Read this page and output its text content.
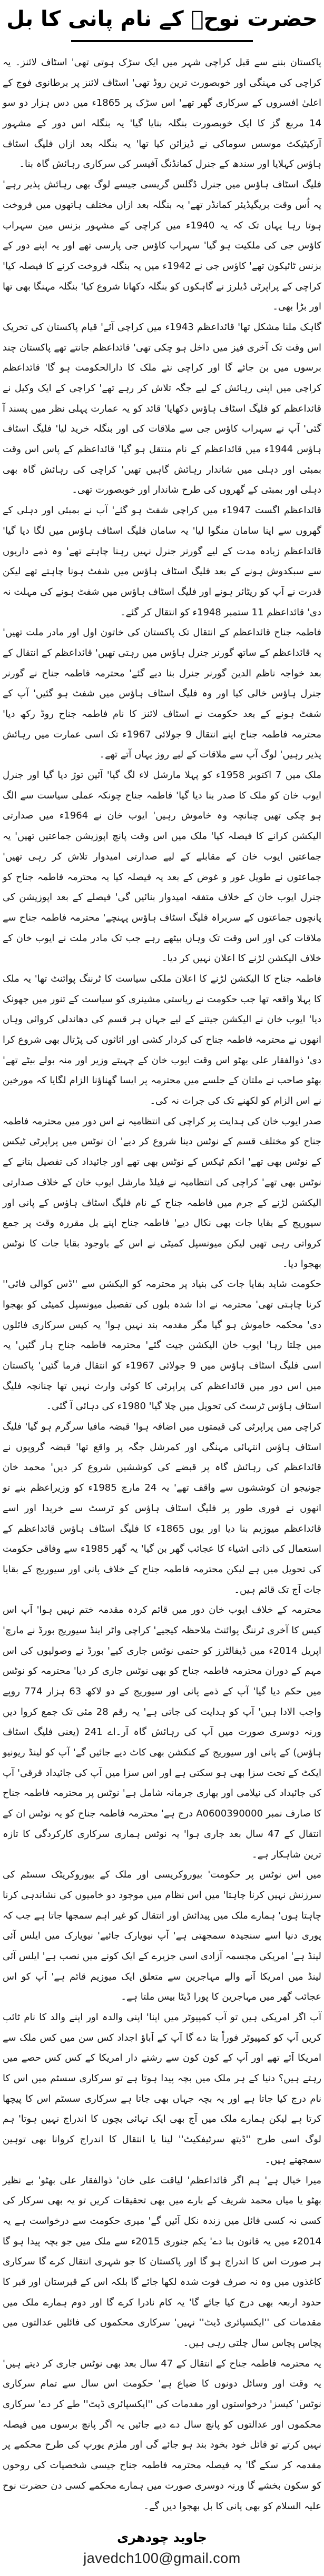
حضرت نوحؑ کے نام پانی کا بل

پاکستان بننے سے قبل کراچی شہر میں ایک سڑک ہوتی تھی' اسٹاف لائنز۔ یہ کراچی کی مہنگی اور خوبصورت ترین روڈ تھی' اسٹاف لائنز پر برطانوی فوج کے اعلیٰ افسروں کے سرکاری گھر تھے' اس سڑک پر 1865ء میں دس ہزار دو سو 14 مربع گز کا ایک خوبصورت بنگلہ بنایا گیا' یہ بنگلہ اس دور کے مشہور آرکیٹیکٹ موسس سوماکی نے ڈیزائن کیا تھا' یہ بنگلہ بعد ازاں فلیگ اسٹاف ہاؤس کہلایا اور سندھ کے جنرل کمانڈنگ آفیسر کی سرکاری رہائش گاہ بنا۔

فلیگ اسٹاف ہاؤس میں جنرل ڈگلس گریسی جیسے لوگ بھی رہائش پذیر رہے' یہ اُس وقت بریگیڈیئر کمانڈر تھے' یہ بنگلہ بعد ازاں مختلف ہاتھوں میں فروخت ہوتا رہا یہاں تک کہ یہ 1940ء میں کراچی کے مشہور بزنس مین سہراب کاؤس جی کی ملکیت ہو گیا' سہراب کاؤس جی پارسی تھے اور یہ اپنے دور کے بزنس ٹائیکون تھے' کاؤس جی نے 1942ء میں یہ بنگلہ فروخت کرنے کا فیصلہ کیا' کراچی کے پراپرٹی ڈیلرز نے گاہکوں کو بنگلہ دکھانا شروع کیا' بنگلہ مہنگا بھی تھا اور بڑا بھی۔

گاہک ملنا مشکل تھا' قائداعظم 1943ء میں کراچی آئے' قیام پاکستان کی تحریک اس وقت تک آخری فیز میں داخل ہو چکی تھی' قائداعظم جانتے تھے پاکستان چند برسوں میں بن جائے گا اور کراچی نئے ملک کا دارالحکومت ہو گا' قائداعظم کراچی میں اپنی رہائش کے لیے جگہ تلاش کر رہے تھے' کراچی کے ایک وکیل نے قائداعظم کو فلیگ اسٹاف ہاؤس دکھایا' قائد کو یہ عمارت پہلی نظر میں پسند آ گئی' آپ نے سہراب کاؤس جی سے ملاقات کی اور بنگلہ خرید لیا' فلیگ اسٹاف ہاؤس 1944ء میں قائداعظم کے نام منتقل ہو گیا' قائداعظم کے پاس اس وقت بمبئی اور دہلی میں شاندار رہائش گاہیں تھیں' کراچی کی رہائش گاہ بھی دہلی اور بمبئی کے گھروں کی طرح شاندار اور خوبصورت تھی۔

قائداعظم اگست 1947ء میں کراچی شفٹ ہو گئے' آپ نے بمبئی اور دہلی کے گھروں سے اپنا سامان منگوا لیا' یہ سامان فلیگ اسٹاف ہاؤس میں لگا دیا گیا' قائداعظم زیادہ مدت کے لیے گورنر جنرل نہیں رہنا چاہتے تھے' وہ ذمے داریوں سے سبکدوش ہونے کے بعد فلیگ اسٹاف ہاؤس میں شفٹ ہونا چاہتے تھے لیکن قدرت نے آپ کو ریٹائر ہونے اور فلیگ اسٹاف ہاؤس میں شفٹ ہونے کی مہلت نہ دی' قائداعظم 11 ستمبر 1948ء کو انتقال کر گئے۔

فاطمہ جناح قائداعظم کے انتقال تک پاکستان کی خاتون اول اور مادر ملت تھیں' یہ قائداعظم کے ساتھ گورنر جنرل ہاؤس میں رہتی تھیں' قائداعظم کے انتقال کے بعد خواجہ ناظم الدین گورنر جنرل بنا دیے گئے' محترمہ فاطمہ جناح نے گورنر جنرل ہاؤس خالی کیا اور وہ فلیگ اسٹاف ہاؤس میں شفٹ ہو گئیں' آپ کے شفٹ ہونے کے بعد حکومت نے اسٹاف لائنز کا نام فاطمہ جناح روڈ رکھ دیا' محترمہ فاطمہ جناح اپنے انتقال 9 جولائی 1967ء تک اسی عمارت میں رہائش پذیر رہیں' لوگ آپ سے ملاقات کے لیے روز یہاں آتے تھے۔

ملک میں 7 اکتوبر 1958ء کو پہلا مارشل لاء لگ گیا' آئین توڑ دیا گیا اور جنرل ایوب خان کو ملک کا صدر بنا دیا گیا' فاطمہ جناح چونکہ عملی سیاست سے الگ ہو چکی تھیں چنانچہ وہ خاموش رہیں' ایوب خان نے 1964ء میں صدارتی الیکشن کرانے کا فیصلہ کیا' ملک میں اس وقت پانچ اپوزیشن جماعتیں تھیں' یہ جماعتیں ایوب خان کے مقابلے کے لیے صدارتی امیدوار تلاش کر رہی تھیں' جماعتوں نے طویل غور و غوض کے بعد یہ فیصلہ کیا یہ محترمہ فاطمہ جناح کو جنرل ایوب خان کے خلاف متفقہ امیدوار بنائیں گی' فیصلے کے بعد اپوزیشن کی پانچوں جماعتوں کے سربراہ فلیگ اسٹاف ہاؤس پہنچے' محترمہ فاطمہ جناح سے ملاقات کی اور اس وقت تک وہاں بیٹھے رہے جب تک مادر ملت نے ایوب خان کے خلاف الیکشن لڑنے کا اعلان نہیں کر دیا۔

فاطمہ جناح کا الیکشن لڑنے کا اعلان ملکی سیاست کا ٹرننگ پوائنٹ تھا' یہ ملک کا پہلا واقعہ تھا جب حکومت نے ریاستی مشینری کو سیاست کے تنور میں جھونک دیا' ایوب خان نے الیکشن جیتنے کے لیے جہاں ہر قسم کی دھاندلی کروائی وہاں انھوں نے محترمہ فاطمہ جناح کی کردار کشی اور اثاثوں کی پڑتال بھی شروع کرا دی' ذوالفقار علی بھٹو اس وقت ایوب خان کے چہیتے وزیر اور منہ بولے بیٹے تھے' بھٹو صاحب نے ملتان کے جلسے میں محترمہ پر ایسا گھناؤنا الزام لگایا کہ مورخین نے اس الزام کو لکھنے تک کی جرات نہ کی۔

صدر ایوب خان کی ہدایت پر کراچی کی انتظامیہ نے اس دور میں محترمہ فاطمہ جناح کو مختلف قسم کے نوٹس دینا شروع کر دیے' ان نوٹس میں پراپرٹی ٹیکس کے نوٹس بھی تھے' انکم ٹیکس کے نوٹس بھی تھے اور جائیداد کی تفصیل بتانے کے نوٹس بھی تھے' کراچی کی انتظامیہ نے فیلڈ مارشل ایوب خان کے خلاف صدارتی الیکشن لڑنے کے جرم میں فاطمہ جناح کے نام فلیگ اسٹاف ہاؤس کے پانی اور سیوریج کے بقایا جات بھی نکال دیے' فاطمہ جناح اپنے بل مقررہ وقت پر جمع کرواتی رہی تھیں لیکن میونسپل کمیٹی نے اس کے باوجود بقایا جات کا نوٹس بھجوا دیا۔

حکومت شاید بقایا جات کی بنیاد پر محترمہ کو الیکشن سے ''ڈس کوالی فائی'' کرنا چاہتی تھی' محترمہ نے ادا شدہ بلوں کی تفصیل میونسپل کمیٹی کو بھجوا دی' محکمہ خاموش ہو گیا مگر مقدمہ بند نہیں ہوا' یہ کیس سرکاری فائلوں میں چلتا رہا' ایوب خان الیکشن جیت گئے' محترمہ فاطمہ جناح ہار گئیں' یہ اسی فلیگ اسٹاف ہاؤس میں 9 جولائی 1967ء کو انتقال فرما گئیں' پاکستان میں اس دور میں قائداعظم کی پراپرٹی کا کوئی وارث نہیں تھا چنانچہ فلیگ اسٹاف ہاؤس ٹرسٹ کی تحویل میں چلا گیا' 1980ء کی دہائی آ گئی۔

کراچی میں پراپرٹی کی قیمتوں میں اضافہ ہوا' قبضہ مافیا سرگرم ہو گیا' فلیگ اسٹاف ہاؤس انتہائی مہنگی اور کمرشل جگہ پر واقع تھا' قبضہ گروپوں نے قائداعظم کی رہائش گاہ پر قبضے کی کوششیں شروع کر دیں' محمد خان جونیجو ان کوششوں سے واقف تھے' یہ 24 مارچ 1985ء کو وزیراعظم بنے تو انھوں نے فوری طور پر فلیگ اسٹاف ہاؤس کو ٹرسٹ سے خریدا اور اسے قائداعظم میوزیم بنا دیا اور یوں 1865ء کا فلیگ اسٹاف ہاؤس قائداعظم کے استعمال کی ذاتی اشیاء کا عجائب گھر بن گیا' یہ گھر 1985ء سے وفاقی حکومت کی تحویل میں ہے لیکن محترمہ فاطمہ جناح کے خلاف پانی اور سیوریج کے بقایا جات آج تک قائم ہیں۔

محترمہ کے خلاف ایوب خان دور میں قائم کردہ مقدمہ ختم نہیں ہوا' آپ اس کیس کا آخری ٹرننگ پوائنٹ ملاحظہ کیجیے' کراچی واٹر اینڈ سیوریج بورڈ نے مارچ' اپریل 2014ء میں ڈیفالٹرز کو حتمی نوٹس جاری کیے' بورڈ نے وصولیوں کی اس مہم کے دوران محترمہ فاطمہ جناح کو بھی نوٹس جاری کر دیا' محترمہ کو نوٹس میں حکم دیا گیا' آپ کے ذمے پانی اور سیوریج کے دو لاکھ 63 ہزار 774 روپے واجب الادا ہیں' آپ کو ہدایت کی جاتی ہے' یہ رقم 28 مئی تک جمع کروا دیں ورنہ دوسری صورت میں آپ کی رہائش گاہ آر۔اے 241 (یعنی فلیگ اسٹاف ہاؤس) کے پانی اور سیوریج کے کنکشن بھی کاٹ دیے جائیں گے' آپ کو لینڈ ریونیو ایکٹ کے تحت سزا بھی ہو سکتی ہے اور اس سزا میں آپ کی جائیداد قرقی' آپ کی جائیداد کی نیلامی اور بھاری جرمانہ شامل ہے' نوٹس پر محترمہ فاطمہ جناح کا صارف نمبر A0600390000 درج ہے' محترمہ فاطمہ جناح کو یہ نوٹس ان کے انتقال کے 47 سال بعد جاری ہوا' یہ نوٹس ہماری سرکاری کارکردگی کا تازہ ترین شاہکار ہے۔

میں اس نوٹس پر حکومت' بیوروکریسی اور ملک کے بیوروکریٹک سسٹم کی سرزنش نہیں کرنا چاہتا' میں اس نظام میں موجود دو خامیوں کی نشاندہی کرنا چاہتا ہوں' ہمارے ملک میں پیدائش اور انتقال کو غیر اہم سمجھا جاتا ہے جب کہ پوری دنیا اسے سنجیدہ سمجھتی ہے' آپ نیویارک جائیے' نیویارک میں ایلس آئی لینڈ ہے' امریکی مجسمہ آزادی اسی جزیرے کے ایک کونے میں نصب ہے' ایلس آئی لینڈ میں امریکا آنے والے مہاجرین سے متعلق ایک میوزیم قائم ہے' آپ کو اس عجائب گھر میں مہاجرین کا پورا ڈیٹا بیس ملتا ہے۔

آپ اگر امریکی ہیں تو آپ کمپیوٹر میں اپنا' اپنی والدہ اور اپنے والد کا نام ٹائپ کریں آپ کو کمپیوٹر فوراً بتا دے گا آپ کے آباؤ اجداد کس سن میں کس ملک سے امریکا آئے تھے اور آپ کے کون کون سے رشتے دار امریکا کے کس کس حصے میں رہتے ہیں؟ دنیا کے ہر ملک میں بچہ پیدا ہوتا ہے تو سرکاری سسٹم میں اس کا نام درج کیا جاتا ہے اور یہ بچہ جہاں بھی جاتا ہے سرکاری سسٹم اس کا پیچھا کرتا ہے لیکن ہمارے ملک میں آج بھی ایک تہائی بچوں کا اندراج نہیں ہوتا' ہم لوگ اسی طرح ''ڈیتھ سرٹیفکیٹ'' لینا یا انتقال کا اندراج کروانا بھی توہین سمجھتے ہیں۔

میرا خیال ہے' ہم اگر قائداعظم' لیاقت علی خان' ذوالفقار علی بھٹو' بے نظیر بھٹو یا میاں محمد شریف کے بارے میں بھی تحقیقات کریں تو یہ بھی سرکار کی کسی نہ کسی فائل میں زندہ نکل آئیں گے' میری حکومت سے درخواست ہے یہ 2014ء میں یہ قانون بنا دے' یکم جنوری 2015ء سے ملک میں جو بچہ پیدا ہو گا ہر صورت اس کا اندراج ہو گا اور پاکستان کا جو شہری انتقال کرے گا سرکاری کاغذوں میں وہ نہ صرف فوت شدہ لکھا جائے گا بلکہ اس کے قبرستان اور قبر کا حدود اربعہ بھی درج کیا جائے گا' یہ کام نادرا کرے گا اور دوم ہمارے ملک میں مقدمات کی ''ایکسپائری ڈیٹ'' نہیں' سرکاری محکموں کی فائلیں عدالتوں میں پچاس پچاس سال چلتی رہی ہیں۔

یہ محترمہ فاطمہ جناح کے انتقال کے 47 سال بعد بھی نوٹس جاری کر دیتے ہیں' یہ وقت اور وسائل دونوں کا ضیاع ہے' حکومت اس سال سے تمام سرکاری نوٹس' کیسز' درخواستوں اور مقدمات کی ''ایکسپائری ڈیٹ'' طے کر دے' سرکاری محکموں اور عدالتوں کو پانچ سال دے دیے جائیں یہ اگر پانچ برسوں میں فیصلہ نہیں کرتے تو فائل خود بخود بند ہو جائے گی اور ملزم یورپ کی طرح محکمے پر مقدمہ کر سکے گا' یہ فیصلہ محترمہ فاطمہ جناح جیسی شخصیات کی روحوں کو سکون بخشے گا ورنہ دوسری صورت میں ہمارے محکمے کسی دن حضرت نوح علیہ السلام کو بھی پانی کا بل بھجوا دیں گے۔

جاوید چودھری
javedch100@gmail.com
